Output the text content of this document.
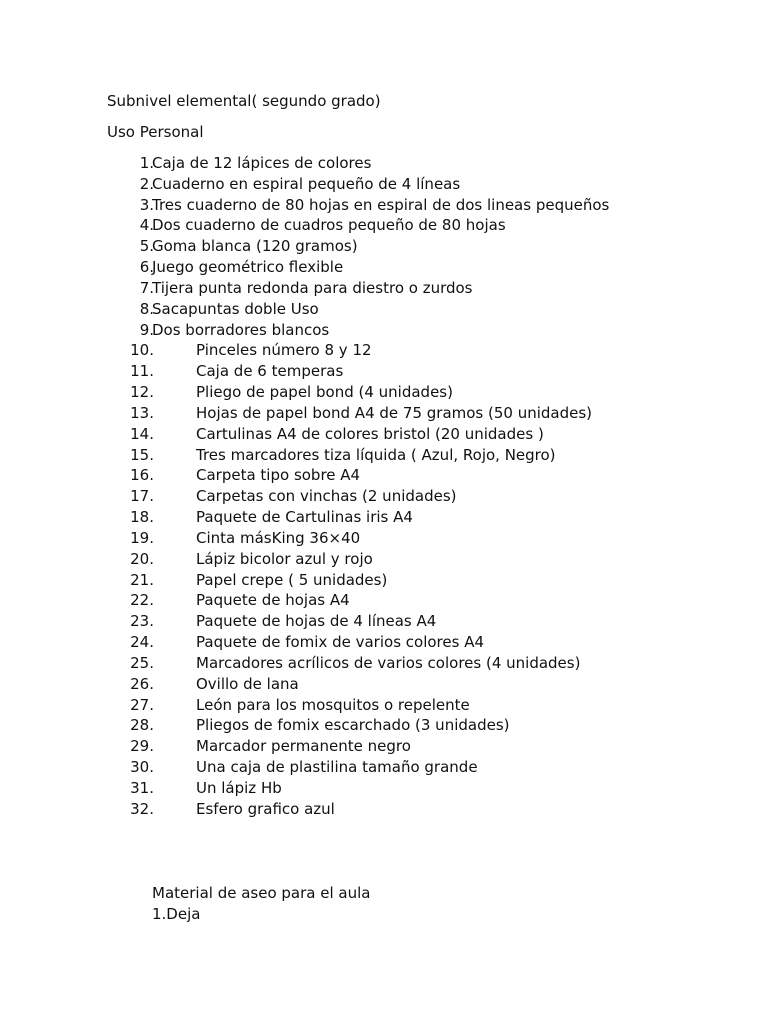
Subnivel elemental( segundo grado)
Uso Personal
1.
Caja de 12 lápices de colores
2.
Cuaderno en espiral pequeño de 4 líneas
3.
Tres cuaderno de 80 hojas en espiral de dos lineas pequeños
4.
Dos cuaderno de cuadros pequeño de 80 hojas
5.
Goma blanca (120 gramos)
6.
Juego geométrico flexible
7.
Tijera punta redonda para diestro o zurdos
8.
Sacapuntas doble Uso
9.
Dos borradores blancos
10.	Pinceles número 8 y 12
11.	Caja de 6 temperas
12.	Pliego de papel bond (4 unidades)
13.	Hojas de papel bond A4 de 75 gramos (50 unidades)
14.	Cartulinas A4 de colores bristol (20 unidades )
15.	Tres marcadores tiza líquida ( Azul, Rojo, Negro)
16.	Carpeta tipo sobre A4
17.	Carpetas con vinchas (2 unidades)
18.	Paquete de Cartulinas iris A4
19.	Cinta másKing 36×40
20.	Lápiz bicolor azul y rojo
21.	Papel crepe ( 5 unidades)
22.	Paquete de hojas A4
23.	Paquete de hojas de 4 líneas A4
24.	Paquete de fomix de varios colores A4
25.	Marcadores acrílicos de varios colores (4 unidades)
26.	Ovillo de lana
27.	León para los mosquitos o repelente
28.	Pliegos de fomix escarchado (3 unidades)
29.	Marcador permanente negro
30.	Una caja de plastilina tamaño grande
31.	Un lápiz Hb
32.	Esfero grafico azul
Material de aseo para el aula
1.Deja
